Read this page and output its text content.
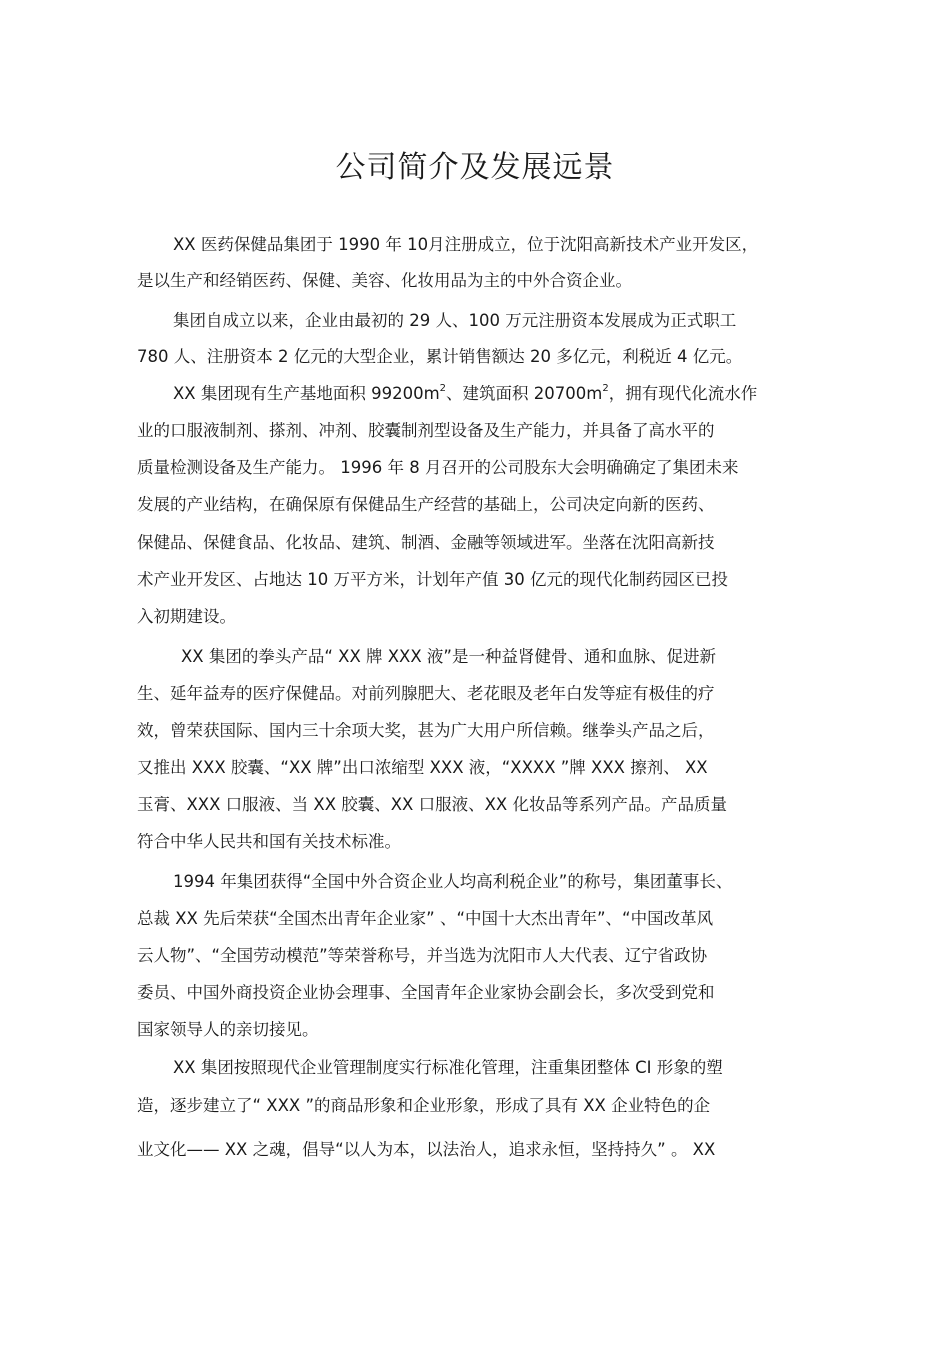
公司简介及发展远景

XX 医药保健品集团于 1990 年 10月注册成立，位于沈阳高新技术产业开发区，

是以生产和经销医药、保健、美容、化妆用品为主的中外合资企业。

集团自成立以来，企业由最初的 29 人、100 万元注册资本发展成为正式职工

780 人、注册资本 2 亿元的大型企业，累计销售额达 20 多亿元，利税近 4 亿元。

XX 集团现有生产基地面积 $99200m^2$、建筑面积 $20700m^2$，拥有现代化流水作

业的口服液制剂、搽剂、冲剂、胶囊制剂型设备及生产能力，并具备了高水平的

质量检测设备及生产能力。 1996 年 8 月召开的公司股东大会明确确定了集团未来

发展的产业结构，在确保原有保健品生产经营的基础上，公司决定向新的医药、

保健品、保健食品、化妆品、建筑、制酒、金融等领域进军。坐落在沈阳高新技

术产业开发区、占地达 10 万平方米，计划年产值 30 亿元的现代化制药园区已投

入初期建设。

XX 集团的拳头产品“ XX 牌 XXX 液”是一种益肾健骨、通和血脉、促进新

生、延年益寿的医疗保健品。对前列腺肥大、老花眼及老年白发等症有极佳的疗

效，曾荣获国际、国内三十余项大奖，甚为广大用户所信赖。继拳头产品之后，

又推出 XXX 胶囊、“XX 牌”出口浓缩型 XXX 液，“XXXX ”牌 XXX 擦剂、 XX

玉膏、XXX 口服液、当 XX 胶囊、XX 口服液、XX 化妆品等系列产品。产品质量

符合中华人民共和国有关技术标准。

1994 年集团获得“全国中外合资企业人均高利税企业”的称号，集团董事长、

总裁 XX 先后荣获“全国杰出青年企业家” 、“中国十大杰出青年”、“中国改革风

云人物”、“全国劳动模范”等荣誉称号，并当选为沈阳市人大代表、辽宁省政协

委员、中国外商投资企业协会理事、全国青年企业家协会副会长，多次受到党和

国家领导人的亲切接见。

XX 集团按照现代企业管理制度实行标准化管理，注重集团整体 CI 形象的塑

造，逐步建立了“ XXX ”的商品形象和企业形象，形成了具有 XX 企业特色的企

业文化—— XX 之魂，倡导“以人为本，以法治人，追求永恒，坚持持久” 。 XX
